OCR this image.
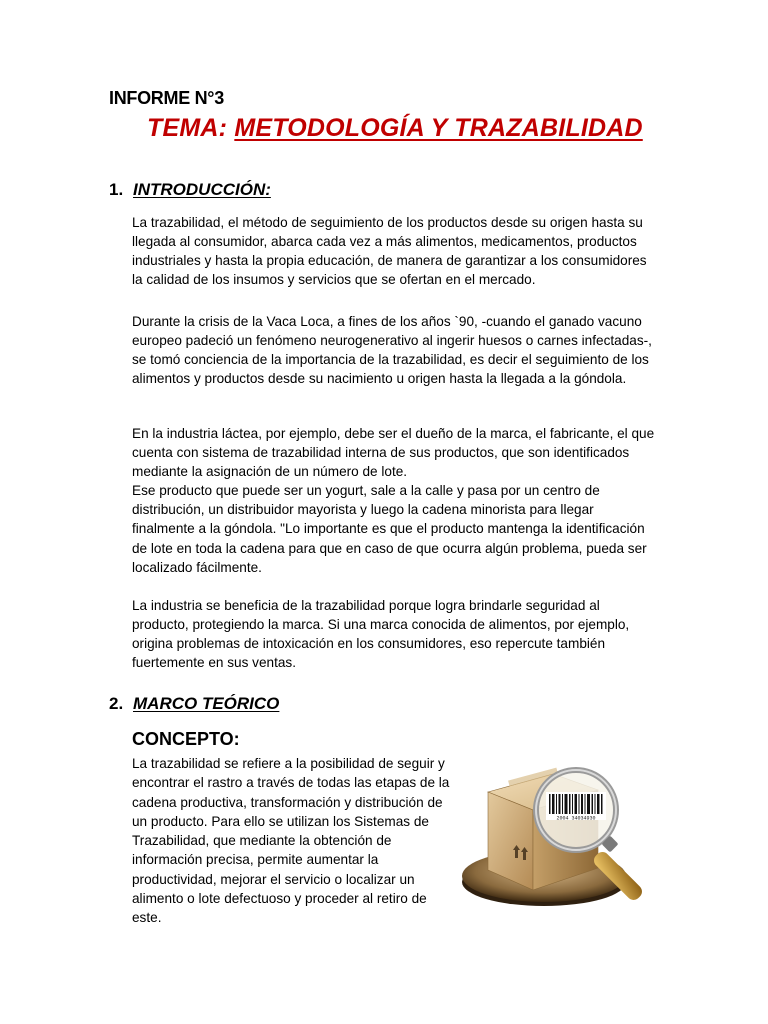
INFORME N°3
TEMA: METODOLOGÍA Y TRAZABILIDAD
1. INTRODUCCIÓN:

La trazabilidad, el método de seguimiento de los productos desde su origen hasta su llegada al consumidor, abarca cada vez a más alimentos, medicamentos, productos industriales y hasta la propia educación, de manera de garantizar a los consumidores la calidad de los insumos y servicios que se ofertan en el mercado.

Durante la crisis de la Vaca Loca, a fines de los años `90, -cuando el ganado vacuno europeo padeció un fenómeno neurogenerativo al ingerir huesos o carnes infectadas-, se tomó conciencia de la importancia de la trazabilidad, es decir el seguimiento de los alimentos y productos desde su nacimiento u origen hasta la llegada a la góndola.

En la industria láctea, por ejemplo, debe ser el dueño de la marca, el fabricante, el que cuenta con sistema de trazabilidad interna de sus productos, que son identificados mediante la asignación de un número de lote.

Ese producto que puede ser un yogurt, sale a la calle y pasa por un centro de distribución, un distribuidor mayorista y luego la cadena minorista para llegar finalmente a la góndola. "Lo importante es que el producto mantenga la identificación de lote en toda la cadena para que en caso de que ocurra algún problema, pueda ser localizado fácilmente.

La industria se beneficia de la trazabilidad porque logra brindarle seguridad al producto, protegiendo la marca. Si una marca conocida de alimentos, por ejemplo, origina problemas de intoxicación en los consumidores, eso repercute también fuertemente en sus ventas.

2. MARCO TEÓRICO
CONCEPTO:

La trazabilidad se refiere a la posibilidad de seguir y encontrar el rastro a través de todas las etapas de la cadena productiva, transformación y distribución de un producto. Para ello se utilizan los Sistemas de Trazabilidad, que mediante la obtención de información precisa, permite aumentar la productividad, mejorar el servicio o localizar un alimento o lote defectuoso y proceder al retiro de este.

2004 34034930
